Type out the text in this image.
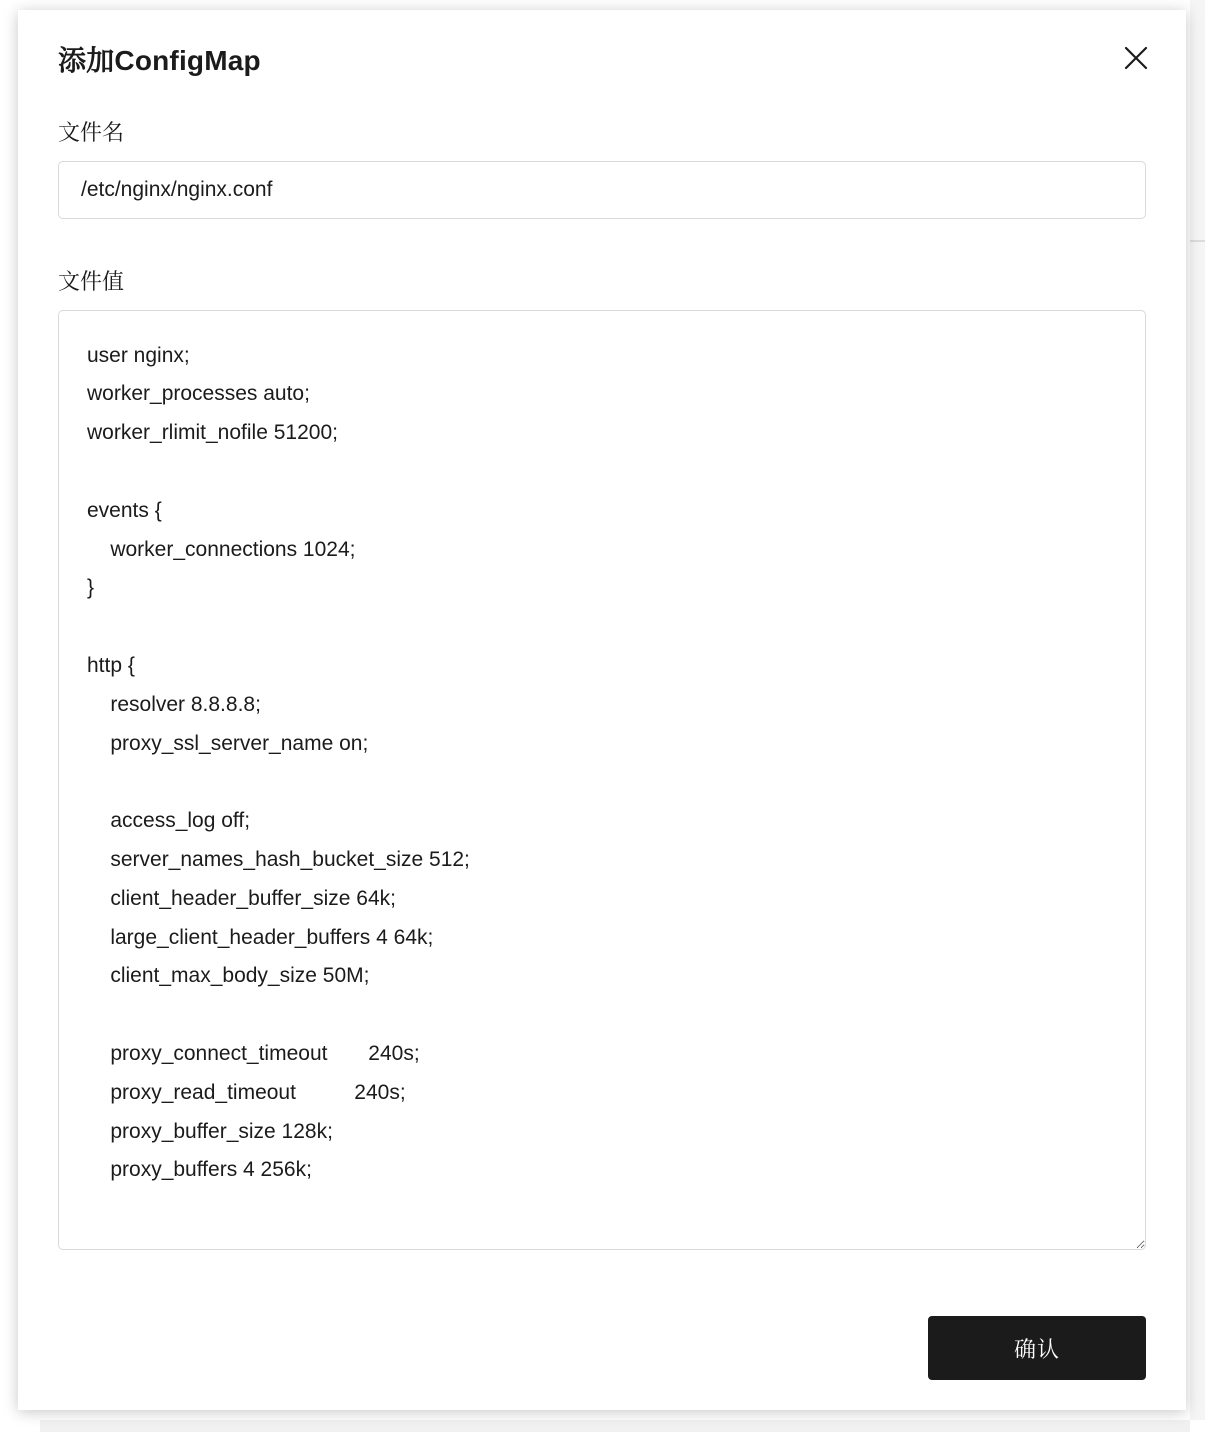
添加ConfigMap
文件名
/etc/nginx/nginx.conf
文件值
user nginx; worker_processes auto; worker_rlimit_nofile 51200; events { worker_connections 1024; } http { resolver 8.8.8.8; proxy_ssl_server_name on; access_log off; server_names_hash_bucket_size 512; client_header_buffer_size 64k; large_client_header_buffers 4 64k; client_max_body_size 50M; proxy_connect_timeout 240s; proxy_read_timeout 240s; proxy_buffer_size 128k; proxy_buffers 4 256k;
确认
